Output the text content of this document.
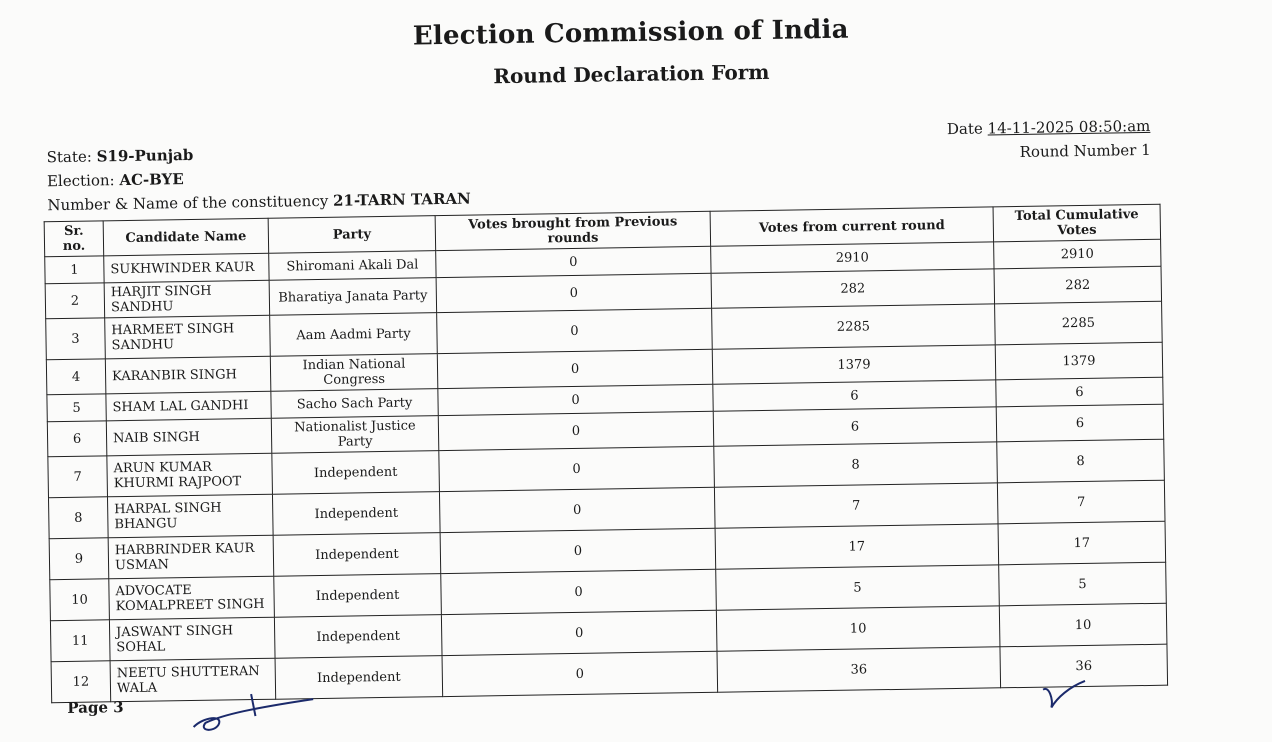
Election Commission of India
Round Declaration Form
State: S19-Punjab
Election: AC-BYE
Number & Name of the constituency 21-TARN TARAN
Date 14-11-2025 08:50:am
Round Number 1
Sr. no.	Candidate Name	Party	Votes brought from Previous rounds	Votes from current round	Total Cumulative Votes
1	SUKHWINDER KAUR	Shiromani Akali Dal	0	2910	2910
2	HARJIT SINGH SANDHU	Bharatiya Janata Party	0	282	282
3	HARMEET SINGH SANDHU	Aam Aadmi Party	0	2285	2285
4	KARANBIR SINGH	Indian National Congress	0	1379	1379
5	SHAM LAL GANDHI	Sacho Sach Party	0	6	6
6	NAIB SINGH	Nationalist Justice Party	0	6	6
7	ARUN KUMAR KHURMI RAJPOOT	Independent	0	8	8
8	HARPAL SINGH BHANGU	Independent	0	7	7
9	HARBRINDER KAUR USMAN	Independent	0	17	17
10	ADVOCATE KOMALPREET SINGH	Independent	0	5	5
11	JASWANT SINGH SOHAL	Independent	0	10	10
12	NEETU SHUTTERAN WALA	Independent	0	36	36
Page 3
